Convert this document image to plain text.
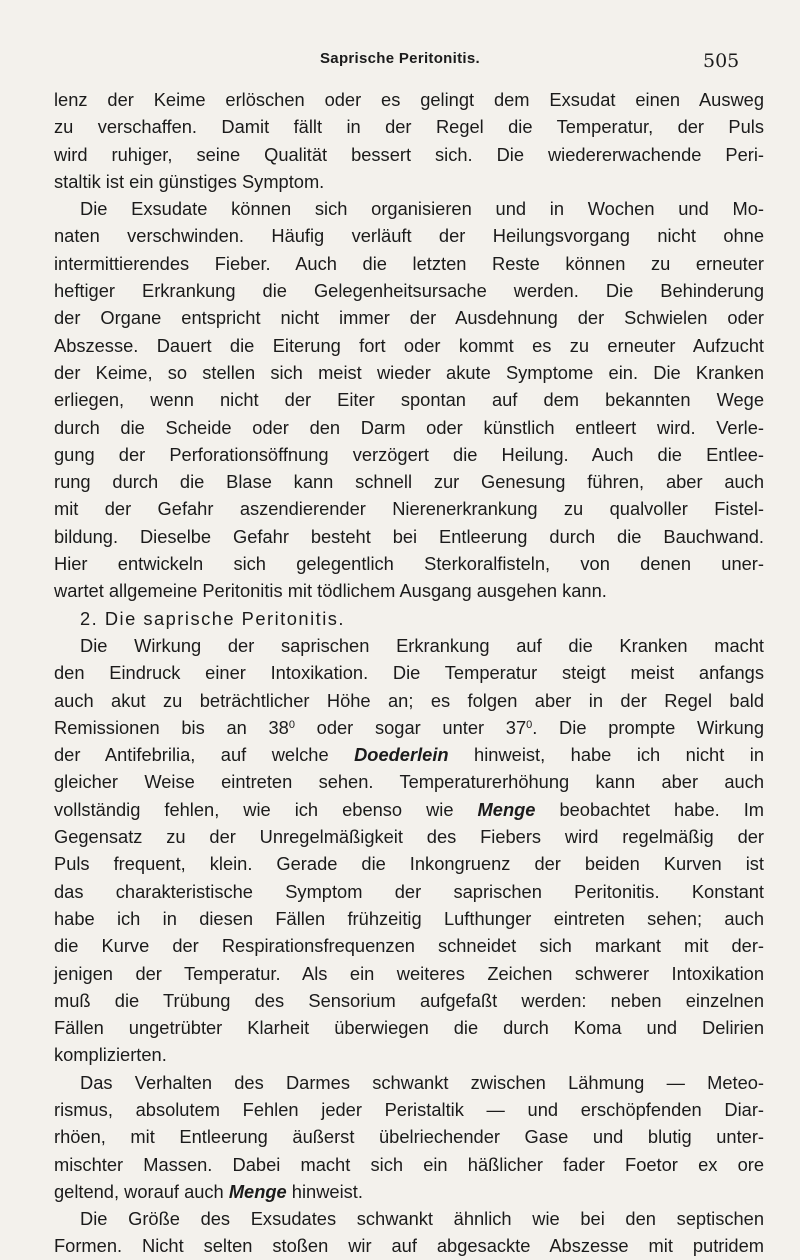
Saprische Peritonitis.	505
lenz der Keime erlöschen oder es gelingt dem Exsudat einen Ausweg
zu verschaffen. Damit fällt in der Regel die Temperatur, der Puls
wird ruhiger, seine Qualität bessert sich. Die wiedererwachende Peri-
staltik ist ein günstiges Symptom.
Die Exsudate können sich organisieren und in Wochen und Mo-
naten verschwinden. Häufig verläuft der Heilungsvorgang nicht ohne
intermittierendes Fieber. Auch die letzten Reste können zu erneuter
heftiger Erkrankung die Gelegenheitsursache werden. Die Behinderung
der Organe entspricht nicht immer der Ausdehnung der Schwielen oder
Abszesse. Dauert die Eiterung fort oder kommt es zu erneuter Aufzucht
der Keime, so stellen sich meist wieder akute Symptome ein. Die Kranken
erliegen, wenn nicht der Eiter spontan auf dem bekannten Wege
durch die Scheide oder den Darm oder künstlich entleert wird. Verle-
gung der Perforationsöffnung verzögert die Heilung. Auch die Entlee-
rung durch die Blase kann schnell zur Genesung führen, aber auch
mit der Gefahr aszendierender Nierenerkrankung zu qualvoller Fistel-
bildung. Dieselbe Gefahr besteht bei Entleerung durch die Bauchwand.
Hier entwickeln sich gelegentlich Sterkoralfisteln, von denen uner-
wartet allgemeine Peritonitis mit tödlichem Ausgang ausgehen kann.
2. Die saprische Peritonitis.
Die Wirkung der saprischen Erkrankung auf die Kranken macht
den Eindruck einer Intoxikation. Die Temperatur steigt meist anfangs
auch akut zu beträchtlicher Höhe an; es folgen aber in der Regel bald
Remissionen bis an $38^0$ oder sogar unter $37^0$. Die prompte Wirkung
der Antifebrilia, auf welche Doederlein hinweist, habe ich nicht in
gleicher Weise eintreten sehen. Temperaturerhöhung kann aber auch
vollständig fehlen, wie ich ebenso wie Menge beobachtet habe. Im
Gegensatz zu der Unregelmäßigkeit des Fiebers wird regelmäßig der
Puls frequent, klein. Gerade die Inkongruenz der beiden Kurven ist
das charakteristische Symptom der saprischen Peritonitis. Konstant
habe ich in diesen Fällen frühzeitig Lufthunger eintreten sehen; auch
die Kurve der Respirationsfrequenzen schneidet sich markant mit der-
jenigen der Temperatur. Als ein weiteres Zeichen schwerer Intoxikation
muß die Trübung des Sensorium aufgefaßt werden: neben einzelnen
Fällen ungetrübter Klarheit überwiegen die durch Koma und Delirien
komplizierten.
Das Verhalten des Darmes schwankt zwischen Lähmung — Meteo-
rismus, absolutem Fehlen jeder Peristaltik — und erschöpfenden Diar-
rhöen, mit Entleerung äußerst übelriechender Gase und blutig unter-
mischter Massen. Dabei macht sich ein häßlicher fader Foetor ex ore
geltend, worauf auch Menge hinweist.
Die Größe des Exsudates schwankt ähnlich wie bei den septischen
Formen. Nicht selten stoßen wir auf abgesackte Abszesse mit putridem
